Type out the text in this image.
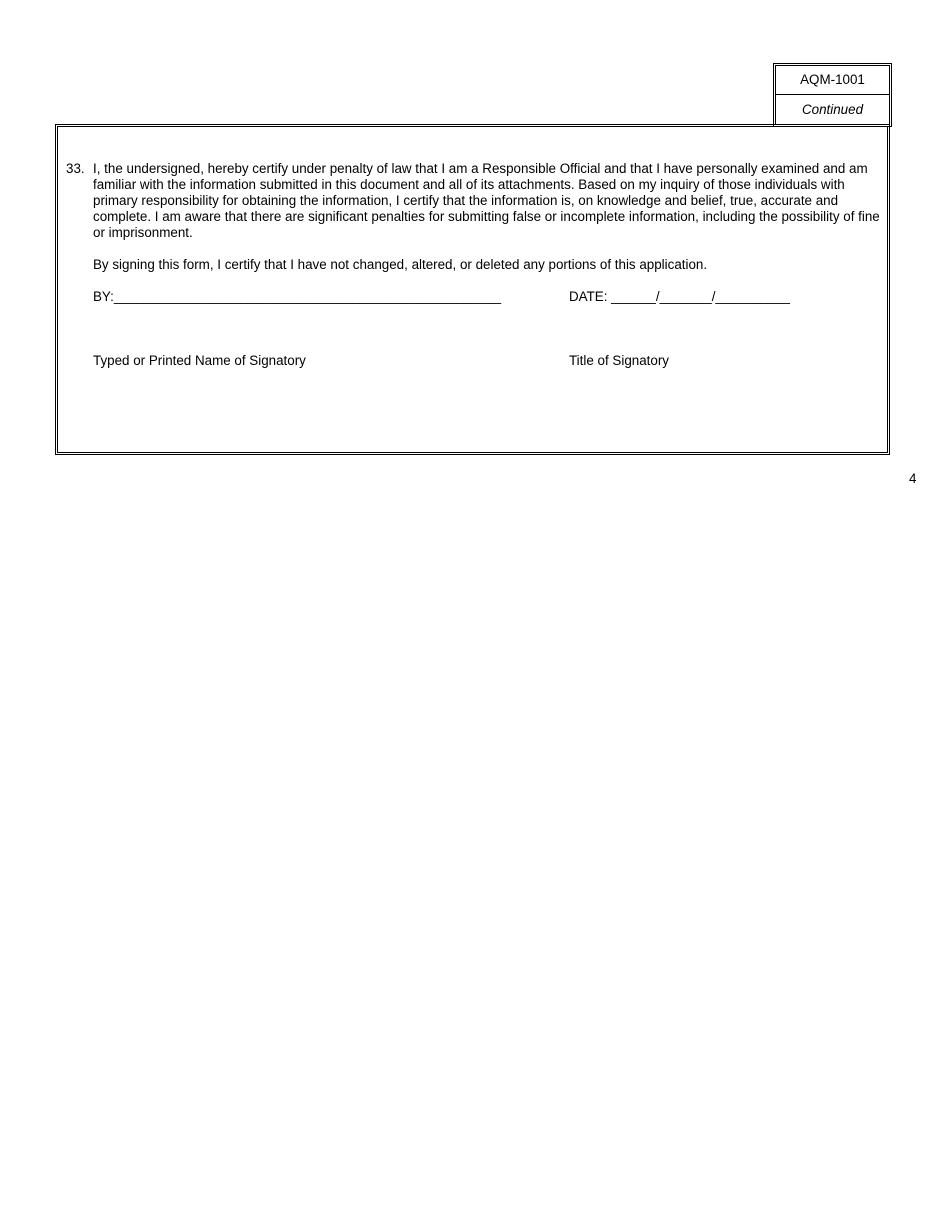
AQM-1001
Continued
33. I, the undersigned, hereby certify under penalty of law that I am a Responsible Official and that I have personally examined and am familiar with the information submitted in this document and all of its attachments. Based on my inquiry of those individuals with primary responsibility for obtaining the information, I certify that the information is, on knowledge and belief, true, accurate and complete. I am aware that there are significant penalties for submitting false or incomplete information, including the possibility of fine or imprisonment.
By signing this form, I certify that I have not changed, altered, or deleted any portions of this application.
BY:____________________________________________________	DATE: ______/_______/__________
Typed or Printed Name of Signatory	Title of Signatory
4
